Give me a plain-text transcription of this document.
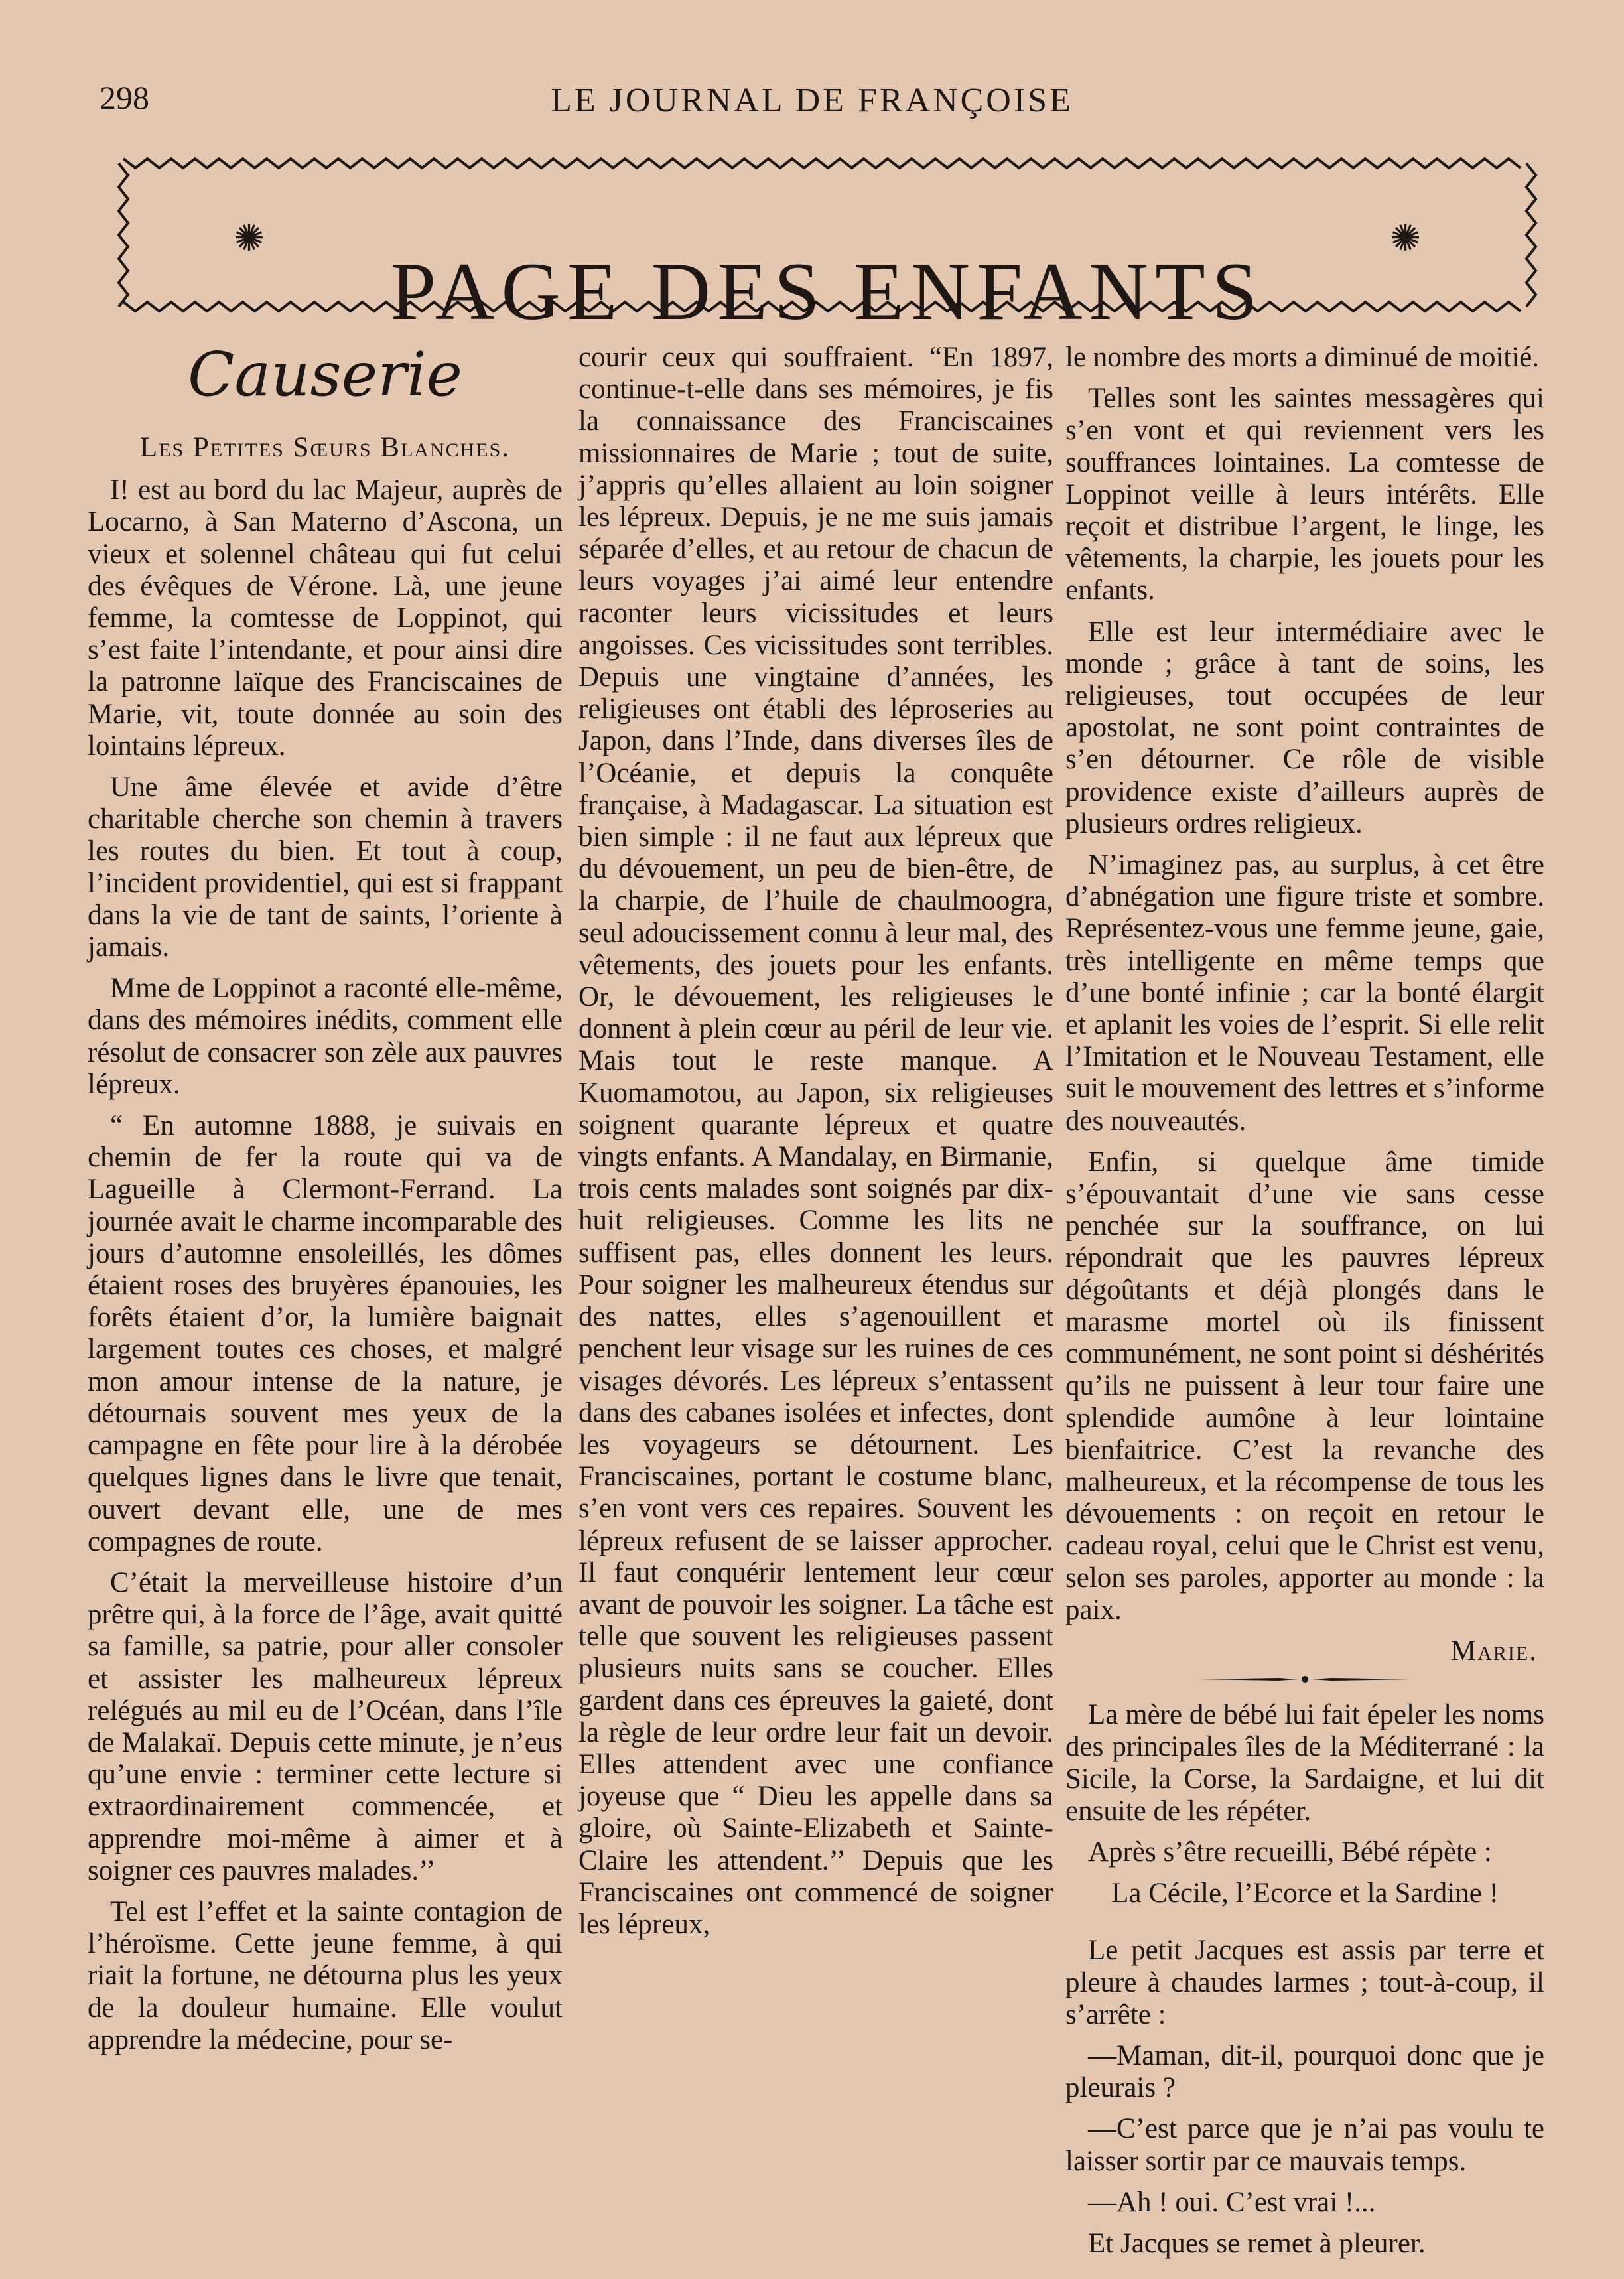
298	LE JOURNAL DE FRANÇOISE
✺
PAGE DES ENFANTS
✺
Causerie
Les Petites Sœurs Blanches.

I! est au bord du lac Majeur, auprès de Locarno, à San Materno d’Ascona, un vieux et solennel château qui fut celui des évêques de Vérone. Là, une jeune femme, la comtesse de Loppinot, qui s’est faite l’intendante, et pour ainsi dire la patronne laïque des Franciscaines de Marie, vit, toute donnée au soin des lointains lépreux.

Une âme élevée et avide d’être charitable cherche son chemin à travers les routes du bien. Et tout à coup, l’incident providentiel, qui est si frappant dans la vie de tant de saints, l’oriente à jamais.

Mme de Loppinot a raconté elle-même, dans des mémoires inédits, comment elle résolut de consacrer son zèle aux pauvres lépreux.

“ En automne 1888, je suivais en chemin de fer la route qui va de Laguеille à Clermont-Ferrand. La journée avait le charme incomparable des jours d’automne ensoleillés, les dômes étaient roses des bruyères épanouies, les forêts étaient d’or, la lumière baignait largement toutes ces choses, et malgré mon amour intense de la nature, je détournais souvent mes yeux de la campagne en fête pour lire à la dérobée quelques lignes dans le livre que tenait, ouvert devant elle, une de mes compagnes de route.

C’était la merveilleuse histoire d’un prêtre qui, à la force de l’âge, avait quitté sa famille, sa patrie, pour aller consoler et assister les malheureux lépreux relégués au mil eu de l’Océan, dans l’île de Malakaï. Depuis cette minute, je n’eus qu’une envie : terminer cette lecture si extraordinairement commencée, et apprendre moi-même à aimer et à soigner ces pauvres malades.’’

Tel est l’effet et la sainte contagion de l’héroïsme. Cette jeune femme, à qui riait la fortune, ne détourna plus les yeux de la douleur humaine. Elle voulut apprendre la médecine, pour se-

courir ceux qui souffraient. “En 1897, continue-t-elle dans ses mémoires, je fis la connaissance des Franciscaines missionnaires de Marie ; tout de suite, j’appris qu’elles allaient au loin soigner les lépreux. Depuis, je ne me suis jamais séparée d’elles, et au retour de chacun de leurs voyages j’ai aimé leur entendre raconter leurs vicissitudes et leurs angoisses. Ces vicissitudes sont terribles. Depuis une vingtaine d’années, les religieuses ont établi des léproseries au Japon, dans l’Inde, dans diverses îles de l’Océanie, et depuis la conquête française, à Madagascar. La situation est bien simple : il ne faut aux lépreux que du dévouement, un peu de bien-être, de la charpie, de l’huile de chaulmoogra, seul adoucissement connu à leur mal, des vêtements, des jouets pour les enfants. Or, le dévouement, les religieuses le donnent à plein cœur au péril de leur vie. Mais tout le reste manque. A Kuomamotou, au Japon, six religieuses soignent quarante lépreux et quatre vingts enfants. A Mandalay, en Birmanie, trois cents malades sont soignés par dix-huit religieuses. Comme les lits ne suffisent pas, elles donnent les leurs. Pour soigner les malheureux étendus sur des nattes, elles s’agenouillent et penchent leur visage sur les ruines de ces visages dévorés. Les lépreux s’entassent dans des cabanes isolées et infectes, dont les voyageurs se détournent. Les Franciscaines, portant le costume blanc, s’en vont vers ces repaires. Souvent les lépreux refusent de se laisser approcher. Il faut conquérir lentement leur cœur avant de pouvoir les soigner. La tâche est telle que souvent les religieuses passent plusieurs nuits sans se coucher. Elles gardent dans ces épreuves la gaieté, dont la règle de leur ordre leur fait un devoir. Elles attendent avec une confiance joyeuse que “ Dieu les appelle dans sa gloire, où Sainte-Elizabeth et Sainte-Claire les attendent.’’ Depuis que les Franciscaines ont commencé de soigner les lépreux,

le nombre des morts a diminué de moitié.

Telles sont les saintes messagères qui s’en vont et qui reviennent vers les souffrances lointaines. La comtesse de Loppinot veille à leurs intérêts. Elle reçoit et distribue l’argent, le linge, les vêtements, la charpie, les jouets pour les enfants.

Elle est leur intermédiaire avec le monde ; grâce à tant de soins, les religieuses, tout occupées de leur apostolat, ne sont point contraintes de s’en détourner. Ce rôle de visible providence existe d’ailleurs auprès de plusieurs ordres religieux.

N’imaginez pas, au surplus, à cet être d’abnégation une figure triste et sombre. Représentez-vous une femme jeune, gaie, très intelligente en même temps que d’une bonté infinie ; car la bonté élargit et aplanit les voies de l’esprit. Si elle relit l’Imitation et le Nouveau Testament, elle suit le mouvement des lettres et s’informe des nouveautés.

Enfin, si quelque âme timide s’épouvantait d’une vie sans cesse penchée sur la souffrance, on lui répondrait que les pauvres lépreux dégoûtants et déjà plongés dans le marasme mortel où ils finissent communément, ne sont point si déshérités qu’ils ne puissent à leur tour faire une splendide aumône à leur lointaine bienfaitrice. C’est la revanche des malheureux, et la récompense de tous les dévouements : on reçoit en retour le cadeau royal, celui que le Christ est venu, selon ses paroles, apporter au monde : la paix.

Marie.

La mère de bébé lui fait épeler les noms des principales îles de la Méditerrané : la Sicile, la Corse, la Sardaigne, et lui dit ensuite de les répéter.

Après s’être recueilli, Bébé répète :

La Cécile, l’Ecorce et la Sardine !

Le petit Jacques est assis par terre et pleure à chaudes larmes ; tout-à-coup, il s’arrête :

—Maman, dit-il, pourquoi donc que je pleurais ?

—C’est parce que je n’ai pas voulu te laisser sortir par ce mauvais temps.

—Ah ! oui. C’est vrai !...

Et Jacques se remet à pleurer.
